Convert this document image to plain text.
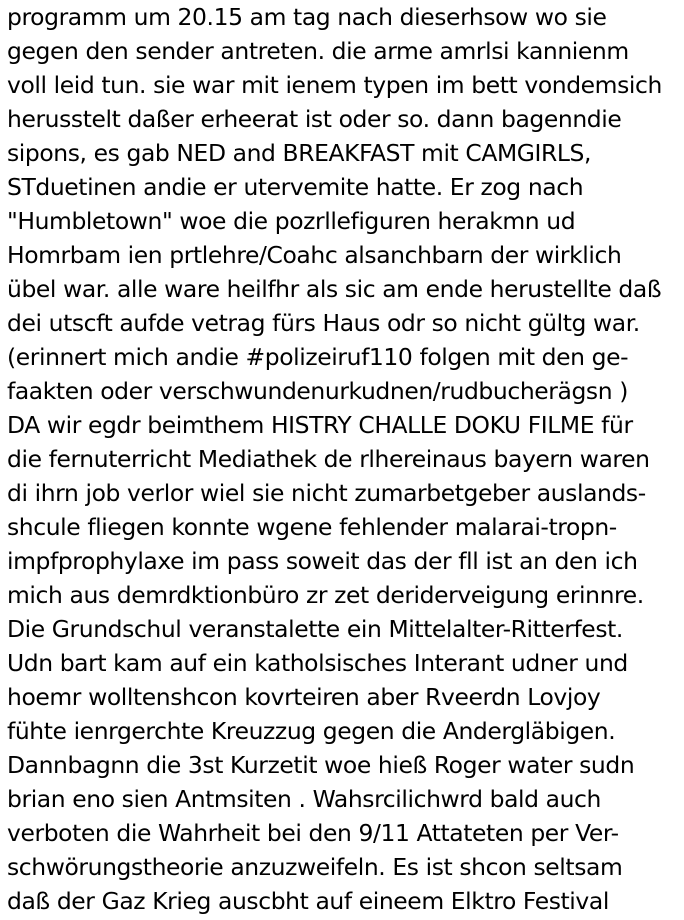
programm um 20.15 am tag nach dieserhsow wo sie
gegen den sender antreten. die arme amrlsi kannienm
voll leid tun. sie war mit ienem typen im bett vondemsich
herusstelt daßer erheerat ist oder so. dann bagenndie
sipons, es gab NED and BREAKFAST mit CAMGIRLS,
STduetinen andie er utervemite hatte. Er zog nach
"Humbletown" woe die pozrllefiguren herakmn ud
Homrbam ien prtlehre/Coahc alsanchbarn der wirklich
übel war. alle ware heilfhr als sic am ende herustellte daß
dei utscft aufde vetrag fürs Haus odr so nicht gültg war.
(erinnert mich andie #polizeiruf110 folgen mit den ge-
faakten oder verschwundenurkudnen/rudbucherägsn )
DA wir egdr beimthem HISTRY CHALLE DOKU FILME für
die fernuterricht Mediathek de rlhereinaus bayern waren
di ihrn job verlor wiel sie nicht zumarbetgeber auslands-
shcule fliegen konnte wgene fehlender malarai-tropn-
impfprophylaxe im pass soweit das der fll ist an den ich
mich aus demrdktionbüro zr zet deriderveigung erinnre.
Die Grundschul veranstalette ein Mittelalter-Ritterfest.
Udn bart kam auf ein katholsisches Interant udner und
hoemr wolltenshcon kovrteiren aber Rveerdn Lovjoy
fühte ienrgerchte Kreuzzug gegen die Andergläbigen.
Dannbagnn die 3st Kurzetit woe hieß Roger water sudn
brian eno sien Antmsiten . Wahsrcilichwrd bald auch
verboten die Wahrheit bei den 9/11 Attateten per Ver-
schwörungstheorie anzuzweifeln. Es ist shcon seltsam
daß der Gaz Krieg auscbht auf eineem Elktro Festival
